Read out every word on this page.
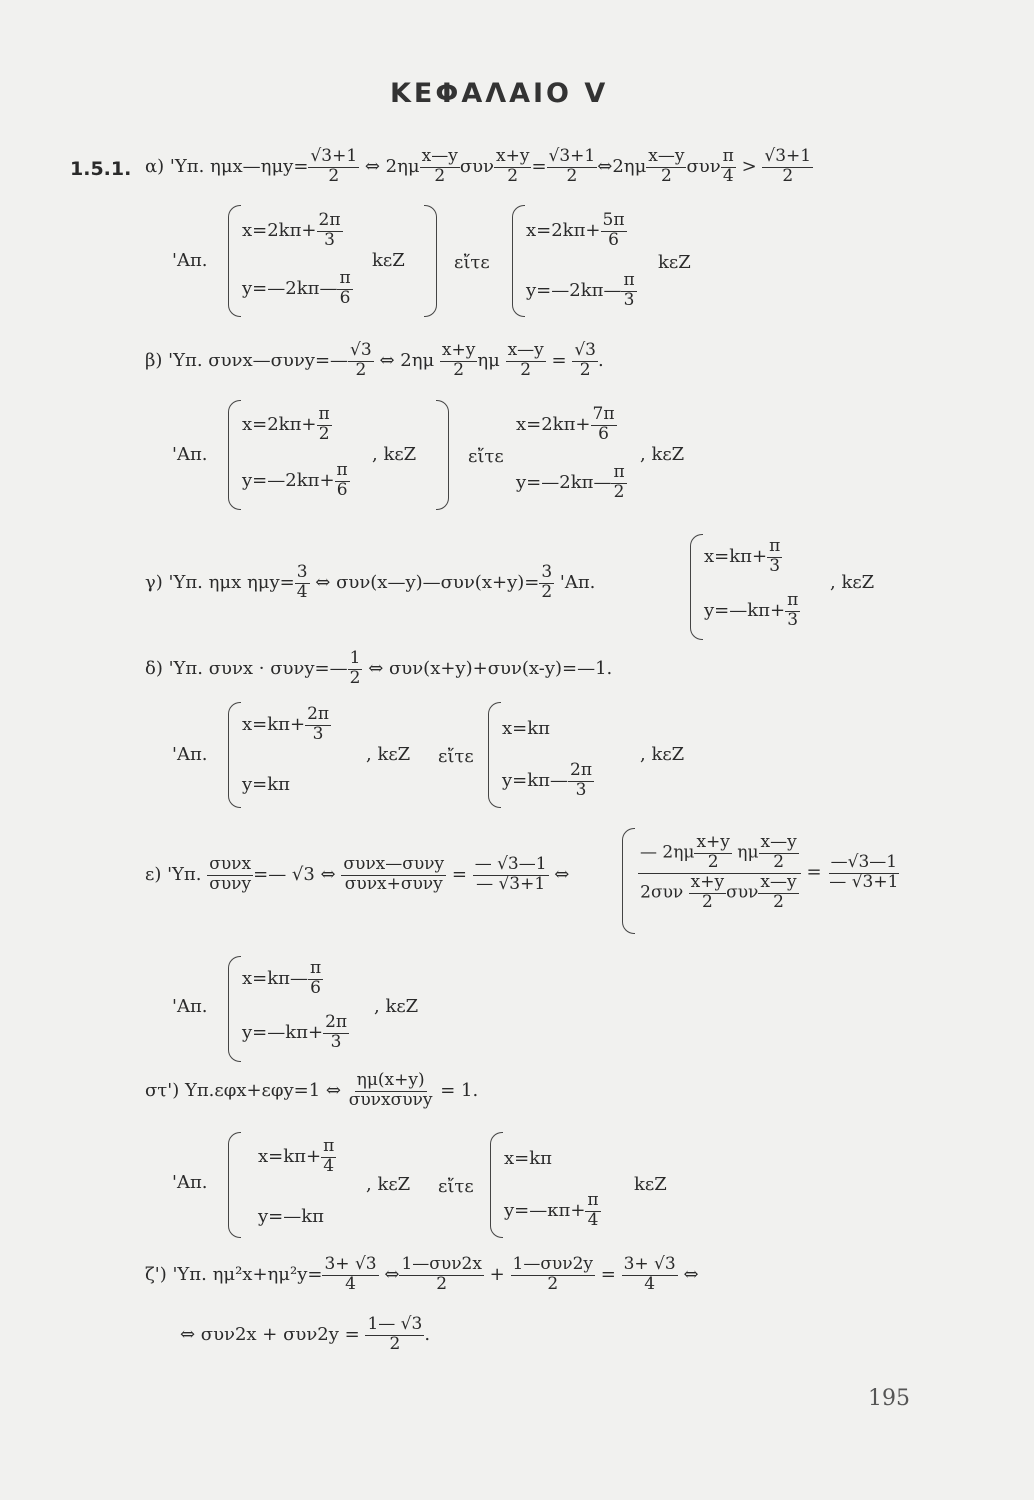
ΚΕΦΑΛΑΙΟ V
1.5.1. α) 'Υπ. ημx—ημy= $\frac{√3+1}{2}$ ⇔ $2\eta\mu \frac{x—y}{2}$ συν $\frac{x+y}{2} = \frac{√3+1}{2}$ ⇔2ημ $\frac{x—y}{2}$ συν $\frac{\pi}{4} > \frac{√3+1}{2}$
'Απ.
$x=2k\pi+ \frac{2\pi}{3}$
kεZ
y=—2kπ— $\frac{\pi}{6}$
εἴτε
$x=2k\pi+ \frac{5\pi}{6}$
kεZ
y=—2kπ— $\frac{\pi}{3}$
β) 'Υπ. συνx—συνy=— $\frac{√3}{2}$ ⇔ $2\eta\mu \frac{x+y}{2}$ ημ $\frac{x—y}{2} = \frac{√3}{2}$ .
'Απ.
$x=2k\pi+ \frac{\pi}{2}$
, kεZ
y=—2kπ+ $\frac{\pi}{6}$
εἴτε
$x=2k\pi+ \frac{7\pi}{6}$
, kεZ
y=—2kπ— $\frac{\pi}{2}$
γ) 'Υπ. ημx $\eta\mu y= \frac{3}{4}$ ⇔ συν(x—y)—συν(x+y)= $\frac{3}{2}$ 'Απ.
$x=k\pi+ \frac{\pi}{3}$
, kεZ
y=—kπ+ $\frac{\pi}{3}$
δ) 'Υπ. συνx · συνy=— $\frac{1}{2}$ ⇔ συν(x+y)+συν(x-y)=—1.
'Απ.
$x=k\pi+ \frac{2\pi}{3}$
y=kπ
, kεZ εἴτε
x=kπ
y=kπ— $\frac{2\pi}{3}$
, kεZ
ε) 'Υπ. συνx
συνy =— √3 ⇔ συνx—συνy
$\sigma\upsilon\nu x+\sigma\upsilon\nu y = \frac{— √3—1}{— √3+1}$ ⇔
— $2\eta\mu \frac{x+y}{2}$ ημ $\frac{x—y}{2}$
$2\sigma\upsilon\nu \frac{x+y}{2}$ συν $\frac{x—y}{2}$
= $\frac{—√3—1}{— √3+1}$
'Απ.
x=kπ— $\frac{\pi}{6}$
, kεZ
y=—kπ+ $\frac{2\pi}{3}$
στ') Υπ.εφx+εφy=1 ⇔ ημ(x+y)
συνxσυνy = 1.
'Απ.
$x=k\pi+ \frac{\pi}{4}$
, kεZ
y=—kπ
εἴτε
x=kπ
y=—κπ+ $\frac{\pi}{4}$
kεZ
ζ') 'Υπ. $\eta\mu^2x+\eta\mu^2y= \frac{3+ √3}{4}$ ⇔ 1—συν2x
2 + 1—συν2y
$2 = \frac{3+ √3}{4}$ ⇔
⇔ $\sigma\upsilon\nu 2x + \sigma\upsilon\nu 2y = \frac{1— √3}{2}$ .
195
